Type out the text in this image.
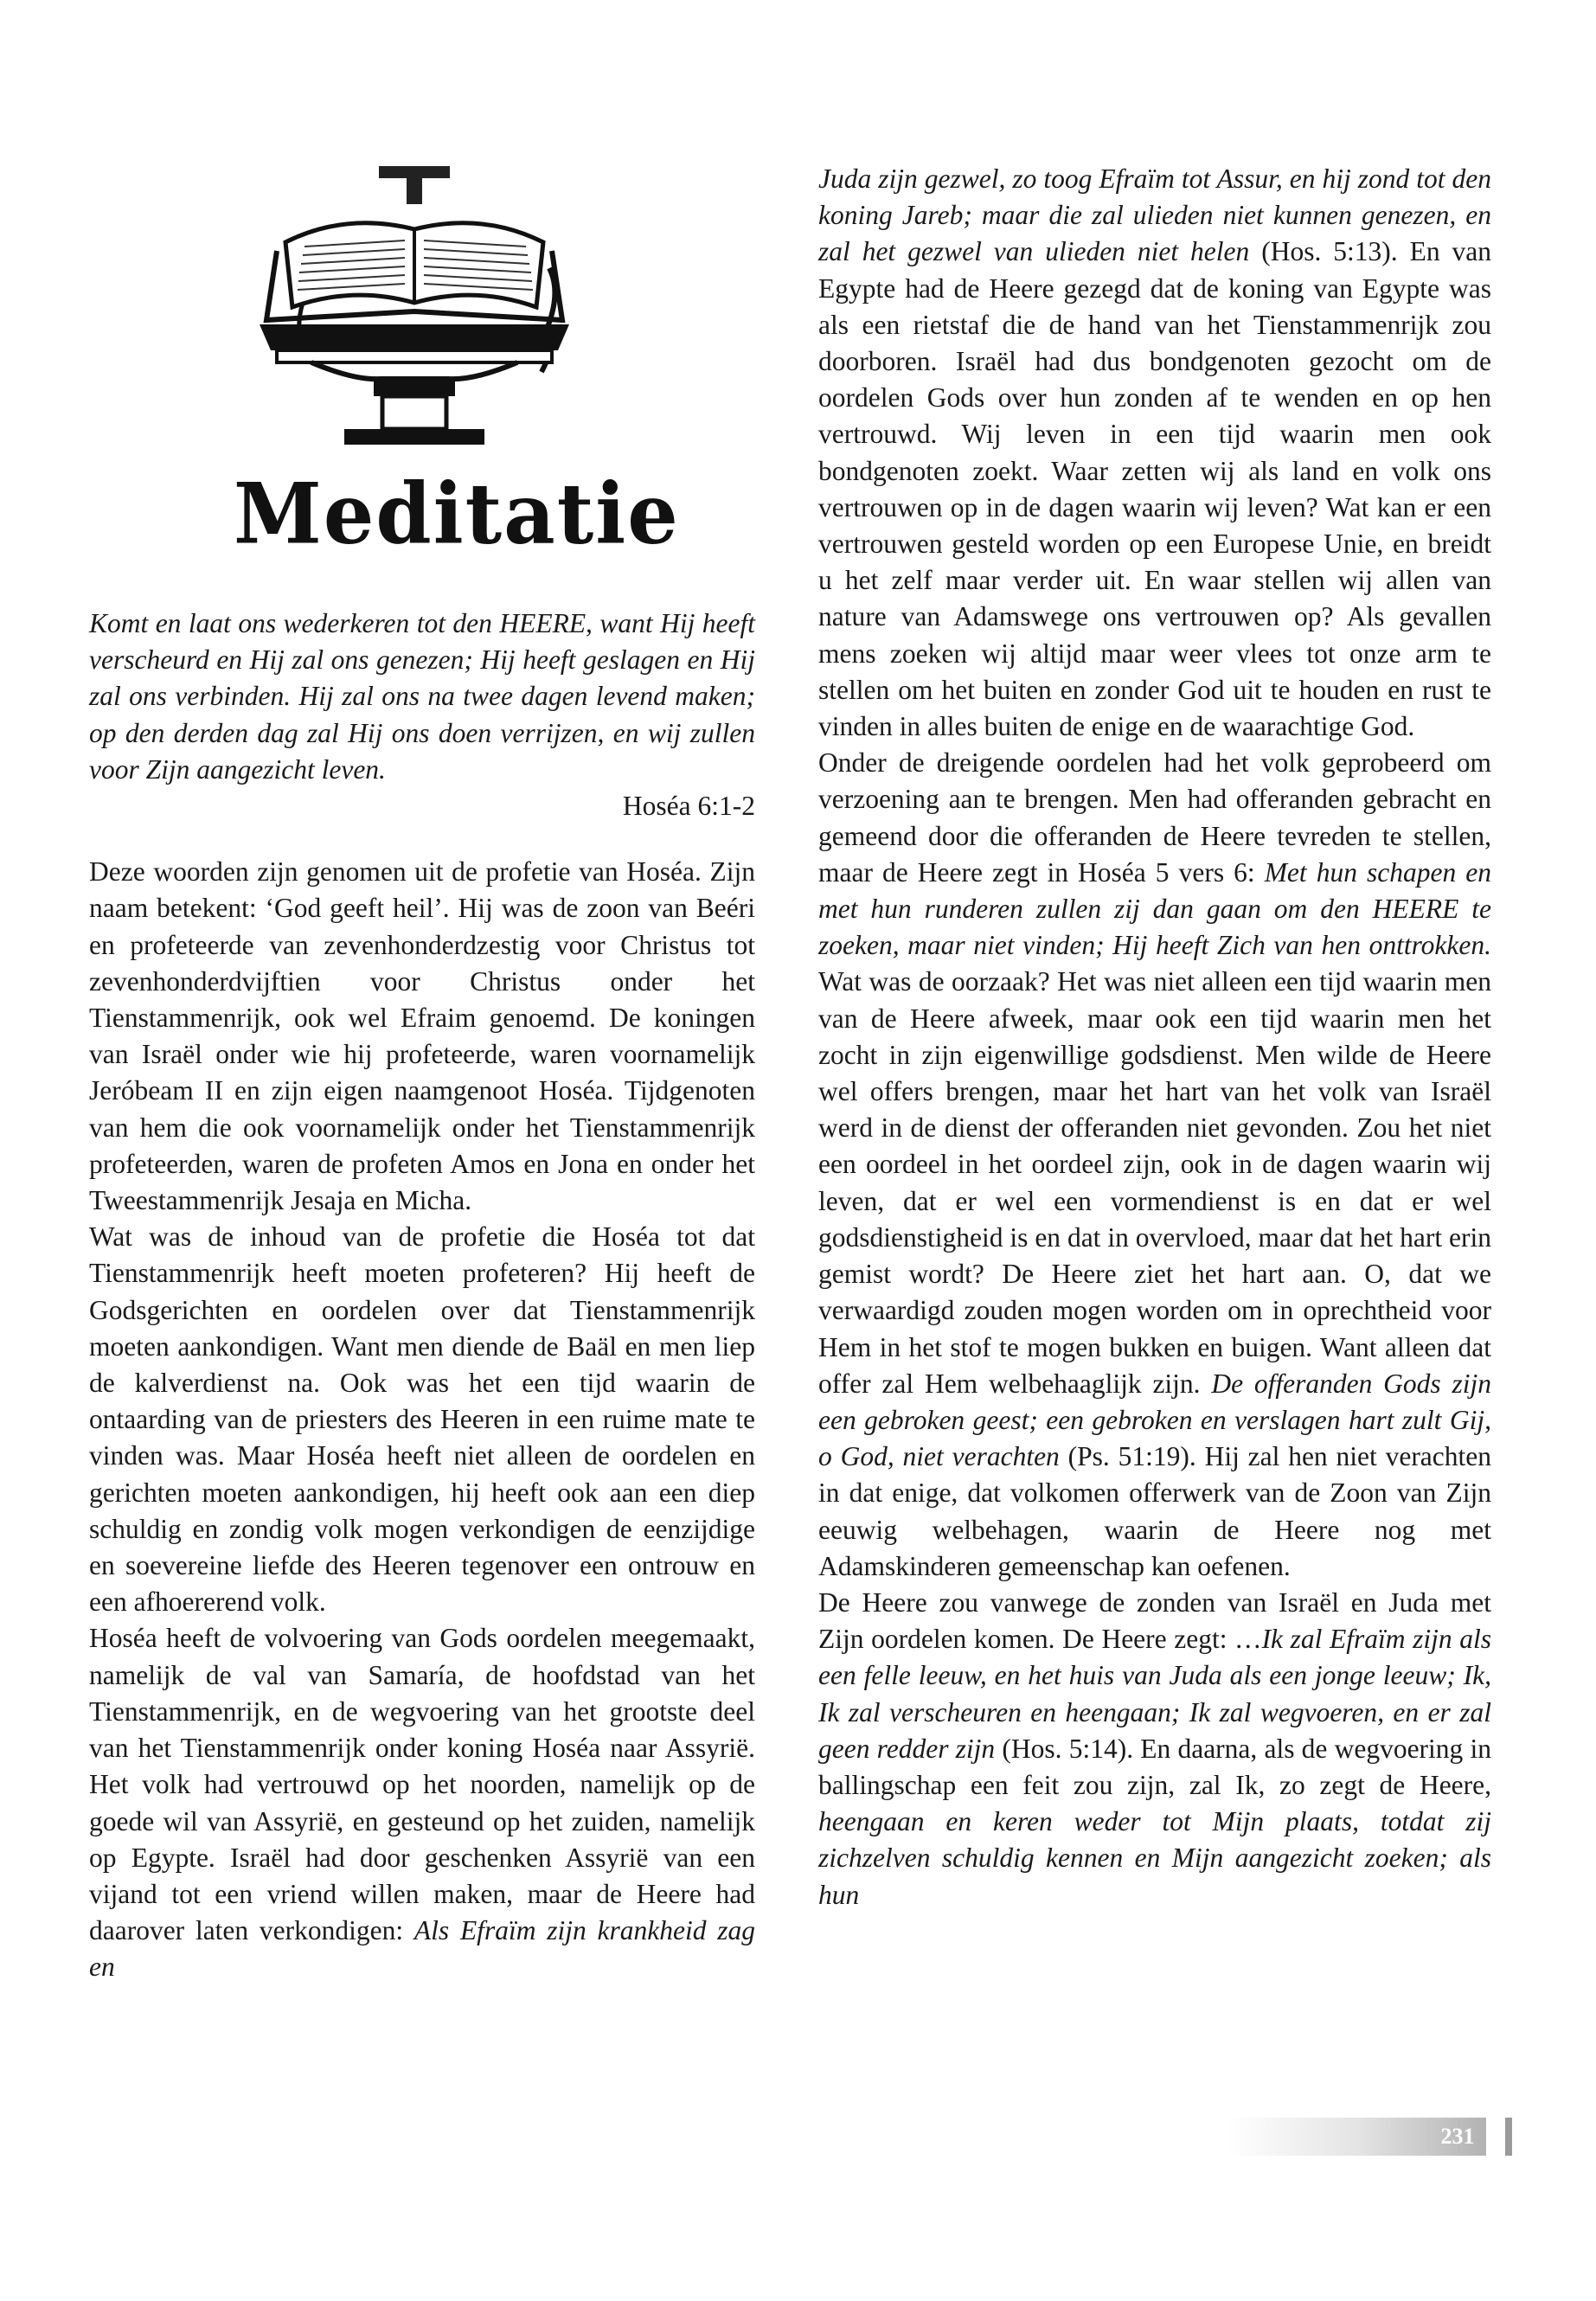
Meditatie

Komt en laat ons wederkeren tot den HEERE, want Hij heeft verscheurd en Hij zal ons genezen; Hij heeft geslagen en Hij zal ons verbinden. Hij zal ons na twee dagen levend maken; op den derden dag zal Hij ons doen verrijzen, en wij zullen voor Zijn aangezicht leven.

Hoséa 6:1-2

Deze woorden zijn genomen uit de profetie van Hoséa. Zijn naam betekent: ‘God geeft heil’. Hij was de zoon van Beéri en profeteerde van zevenhonderdzestig voor Christus tot zevenhonderdvijftien voor Christus onder het Tienstammenrijk, ook wel Efraim genoemd. De koningen van Israël onder wie hij profeteerde, waren voornamelijk Jeróbeam II en zijn eigen naamgenoot Hoséa. Tijdgenoten van hem die ook voornamelijk onder het Tienstammenrijk profeteerden, waren de profeten Amos en Jona en onder het Tweestammenrijk Jesaja en Micha.

Wat was de inhoud van de profetie die Hoséa tot dat Tienstammenrijk heeft moeten profeteren? Hij heeft de Godsgerichten en oordelen over dat Tienstammenrijk moeten aankondigen. Want men diende de Baäl en men liep de kalverdienst na. Ook was het een tijd waarin de ontaarding van de priesters des Heeren in een ruime mate te vinden was. Maar Hoséa heeft niet alleen de oordelen en gerichten moeten aankondigen, hij heeft ook aan een diep schuldig en zondig volk mogen verkondigen de eenzijdige en soevereine liefde des Heeren tegenover een ontrouw en een afhoererend volk.

Hoséa heeft de volvoering van Gods oordelen meegemaakt, namelijk de val van Samaría, de hoofdstad van het Tienstammenrijk, en de wegvoering van het grootste deel van het Tienstammenrijk onder koning Hoséa naar Assyrië. Het volk had vertrouwd op het noorden, namelijk op de goede wil van Assyrië, en gesteund op het zuiden, namelijk op Egypte. Israël had door geschenken Assyrië van een vijand tot een vriend willen maken, maar de Heere had daarover laten verkondigen: Als Efraïm zijn krankheid zag en

Juda zijn gezwel, zo toog Efraïm tot Assur, en hij zond tot den koning Jareb; maar die zal ulieden niet kunnen genezen, en zal het gezwel van ulieden niet helen (Hos. 5:13). En van Egypte had de Heere gezegd dat de koning van Egypte was als een rietstaf die de hand van het Tienstammenrijk zou doorboren. Israël had dus bondgenoten gezocht om de oordelen Gods over hun zonden af te wenden en op hen vertrouwd. Wij leven in een tijd waarin men ook bondgenoten zoekt. Waar zetten wij als land en volk ons vertrouwen op in de dagen waarin wij leven? Wat kan er een vertrouwen gesteld worden op een Europese Unie, en breidt u het zelf maar verder uit. En waar stellen wij allen van nature van Adamswege ons vertrouwen op? Als gevallen mens zoeken wij altijd maar weer vlees tot onze arm te stellen om het buiten en zonder God uit te houden en rust te vinden in alles buiten de enige en de waarachtige God.

Onder de dreigende oordelen had het volk geprobeerd om verzoening aan te brengen. Men had offeranden gebracht en gemeend door die offeranden de Heere tevreden te stellen, maar de Heere zegt in Hoséa 5 vers 6: Met hun schapen en met hun runderen zullen zij dan gaan om den HEERE te zoeken, maar niet vinden; Hij heeft Zich van hen onttrokken. Wat was de oorzaak? Het was niet alleen een tijd waarin men van de Heere afweek, maar ook een tijd waarin men het zocht in zijn eigenwillige godsdienst. Men wilde de Heere wel offers brengen, maar het hart van het volk van Israël werd in de dienst der offeranden niet gevonden. Zou het niet een oordeel in het oordeel zijn, ook in de dagen waarin wij leven, dat er wel een vormendienst is en dat er wel godsdienstigheid is en dat in overvloed, maar dat het hart erin gemist wordt? De Heere ziet het hart aan. O, dat we verwaardigd zouden mogen worden om in oprechtheid voor Hem in het stof te mogen bukken en buigen. Want alleen dat offer zal Hem welbehaaglijk zijn. De offeranden Gods zijn een gebroken geest; een gebroken en verslagen hart zult Gij, o God, niet verachten (Ps. 51:19). Hij zal hen niet verachten in dat enige, dat volkomen offerwerk van de Zoon van Zijn eeuwig welbehagen, waarin de Heere nog met Adamskinderen gemeenschap kan oefenen.

De Heere zou vanwege de zonden van Israël en Juda met Zijn oordelen komen. De Heere zegt: …Ik zal Efraïm zijn als een felle leeuw, en het huis van Juda als een jonge leeuw; Ik, Ik zal verscheuren en heengaan; Ik zal wegvoeren, en er zal geen redder zijn (Hos. 5:14). En daarna, als de wegvoering in ballingschap een feit zou zijn, zal Ik, zo zegt de Heere, heengaan en keren weder tot Mijn plaats, totdat zij zichzelven schuldig kennen en Mijn aangezicht zoeken; als hun

231
